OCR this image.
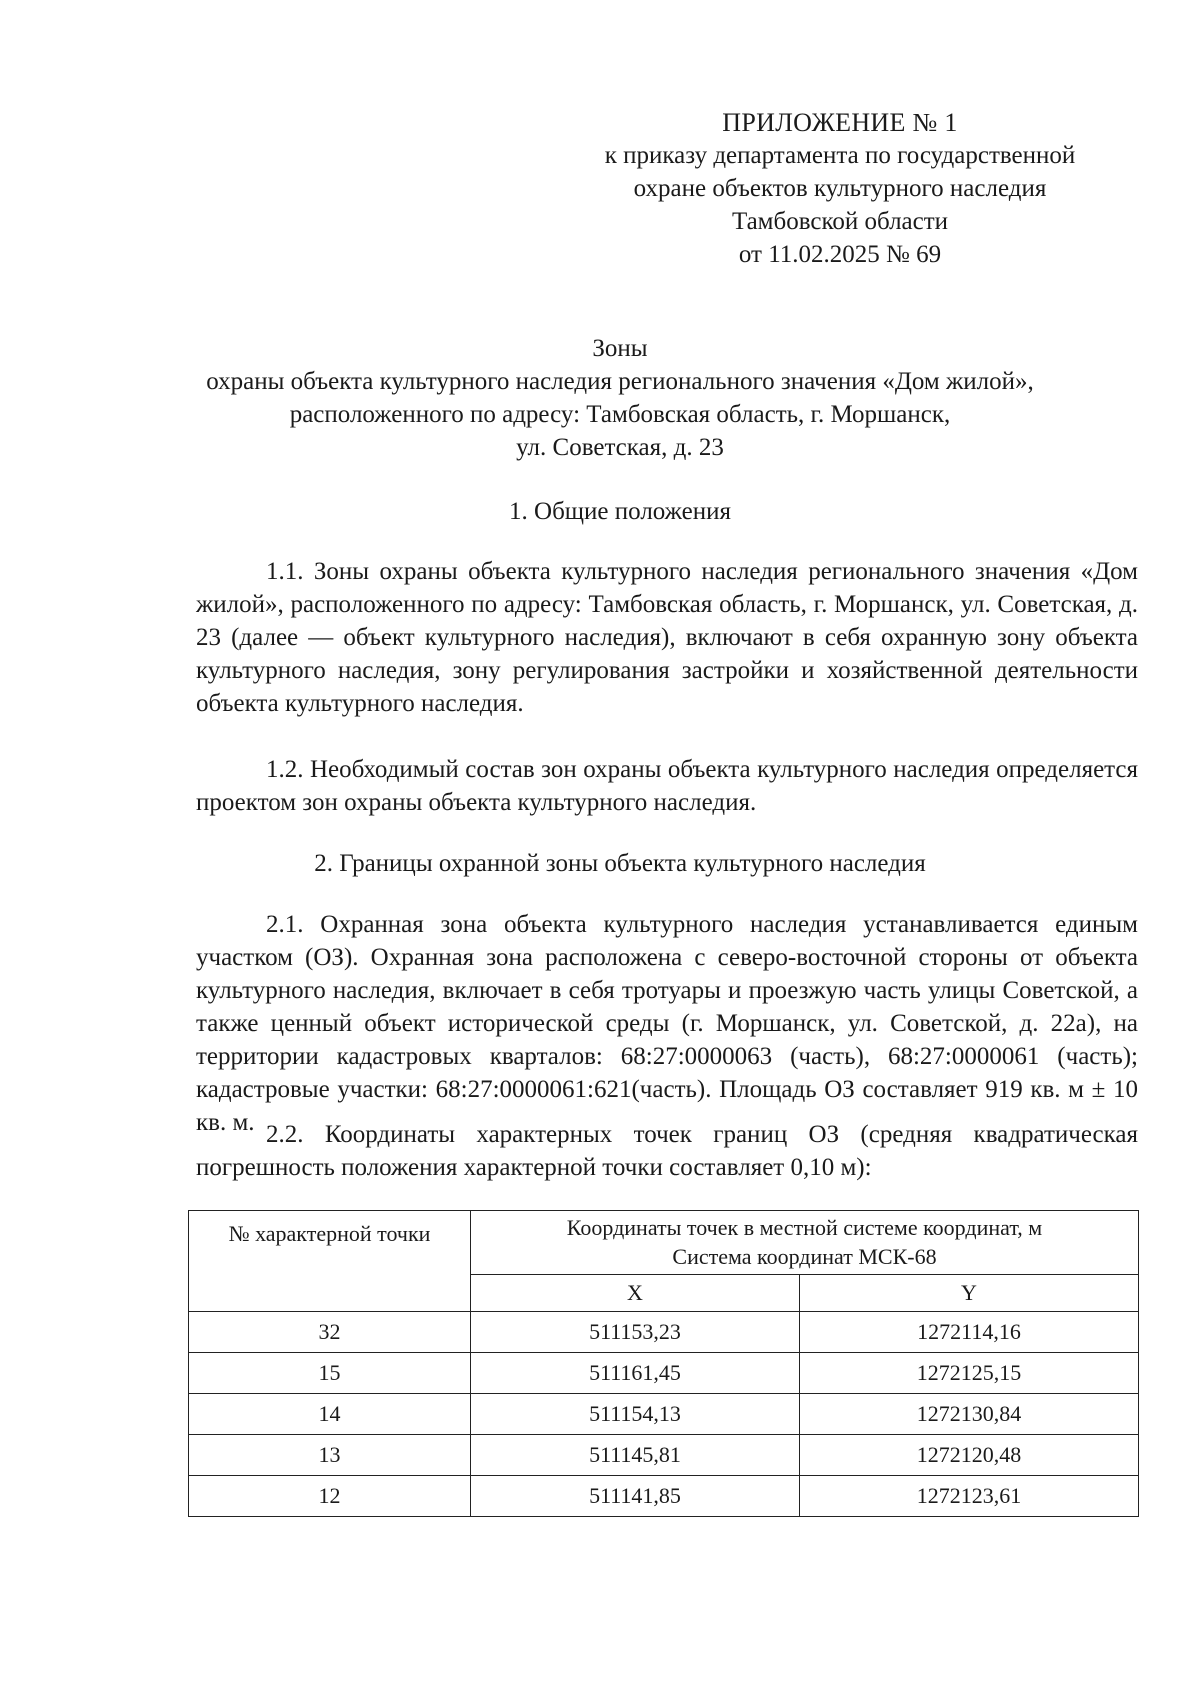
ПРИЛОЖЕНИЕ № 1
к приказу департамента по государственной
охране объектов культурного наследия
Тамбовской области
от 11.02.2025 № 69
Зоны
охраны объекта культурного наследия регионального значения «Дом жилой»,
расположенного по адресу: Тамбовская область, г. Моршанск,
ул. Советская, д. 23
1. Общие положения

1.1. Зоны охраны объекта культурного наследия регионального значения «Дом жилой», расположенного по адресу: Тамбовская область, г. Моршанск, ул. Советская, д. 23 (далее — объект культурного наследия), включают в себя охранную зону объекта культурного наследия, зону регулирования застройки и хозяйственной деятельности объекта культурного наследия.

1.2. Необходимый состав зон охраны объекта культурного наследия определяется проектом зон охраны объекта культурного наследия.

2. Границы охранной зоны объекта культурного наследия

2.1. Охранная зона объекта культурного наследия устанавливается единым участком (ОЗ). Охранная зона расположена с северо-восточной стороны от объекта культурного наследия, включает в себя тротуары и проезжую часть улицы Советской, а также ценный объект исторической среды (г. Моршанск, ул. Советской, д. 22а), на территории кадастровых кварталов: 68:27:0000063 (часть), 68:27:0000061 (часть); кадастровые участки: 68:27:0000061:621(часть). Площадь ОЗ составляет 919 кв. м ± 10 кв. м. 2.2. Координаты характерных точек границ ОЗ (средняя квадратическая погрешность положения характерной точки составляет 0,10 м):

№ характерной точки	Координаты точек в местной системе координат, м
Система координат МСК-68	

	X	Y
32	511153,23	1272114,16
15	511161,45	1272125,15
14	511154,13	1272130,84
13	511145,81	1272120,48
12	511141,85	1272123,61
